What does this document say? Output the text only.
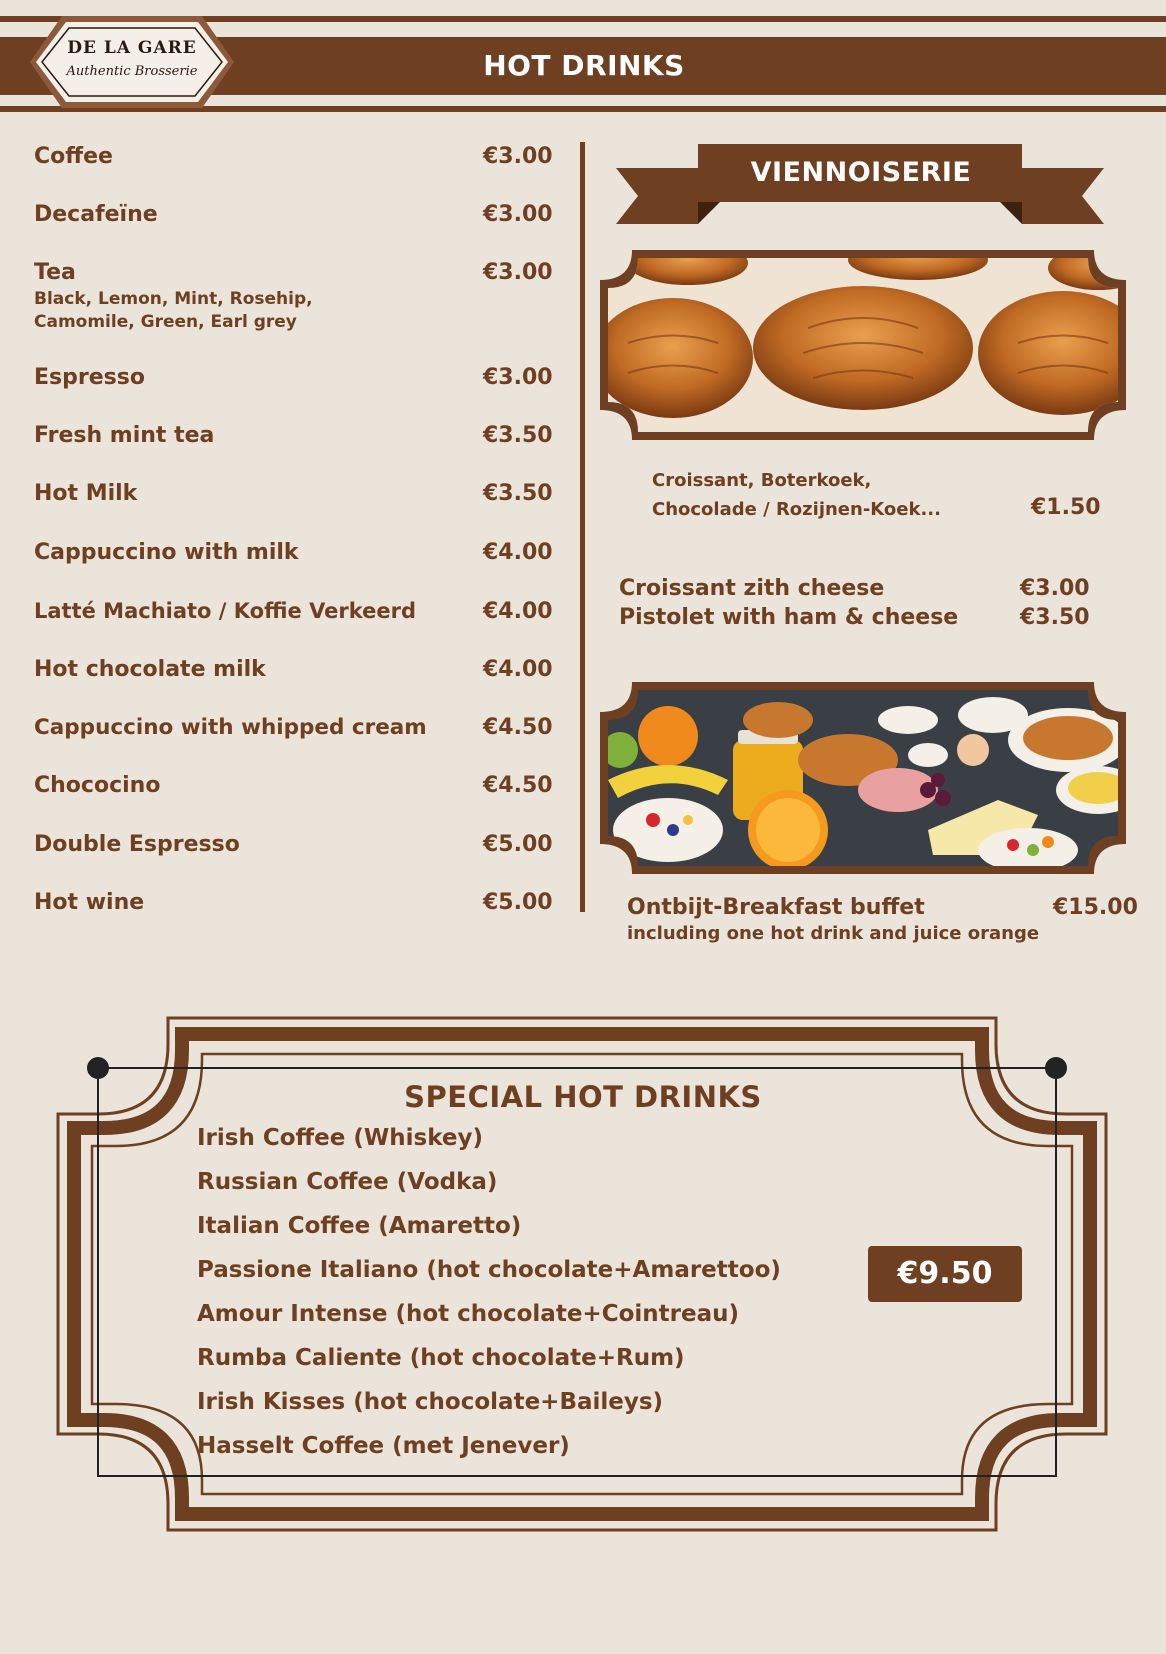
HOT DRINKS
DE LA GARE
Authentic Brosserie
Coffee	€3.00
Decafeïne	€3.00
Tea	€3.00
Black, Lemon, Mint, Rosehip,
Camomile, Green, Earl grey
Espresso	€3.00
Fresh mint tea	€3.50
Hot Milk	€3.50
Cappuccino with milk	€4.00
Latté Machiato / Koffie Verkeerd	€4.00
Hot chocolate milk	€4.00
Cappuccino with whipped cream	€4.50
Chococino	€4.50
Double Espresso	€5.00
Hot wine	€5.00
VIENNOISERIE
Croissant, Boterkoek,
Chocolade / Rozijnen-Koek...	€1.50
Croissant zith cheese	€3.00
Pistolet with ham & cheese	€3.50
Ontbijt-Breakfast buffet	€15.00
including one hot drink and juice orange
SPECIAL HOT DRINKS
Irish Coffee (Whiskey)
Russian Coffee (Vodka)
Italian Coffee (Amaretto)
Passione Italiano (hot chocolate+Amarettoo)
Amour Intense (hot chocolate+Cointreau)
Rumba Caliente (hot chocolate+Rum)
Irish Kisses (hot chocolate+Baileys)
Hasselt Coffee (met Jenever)
€9.50
